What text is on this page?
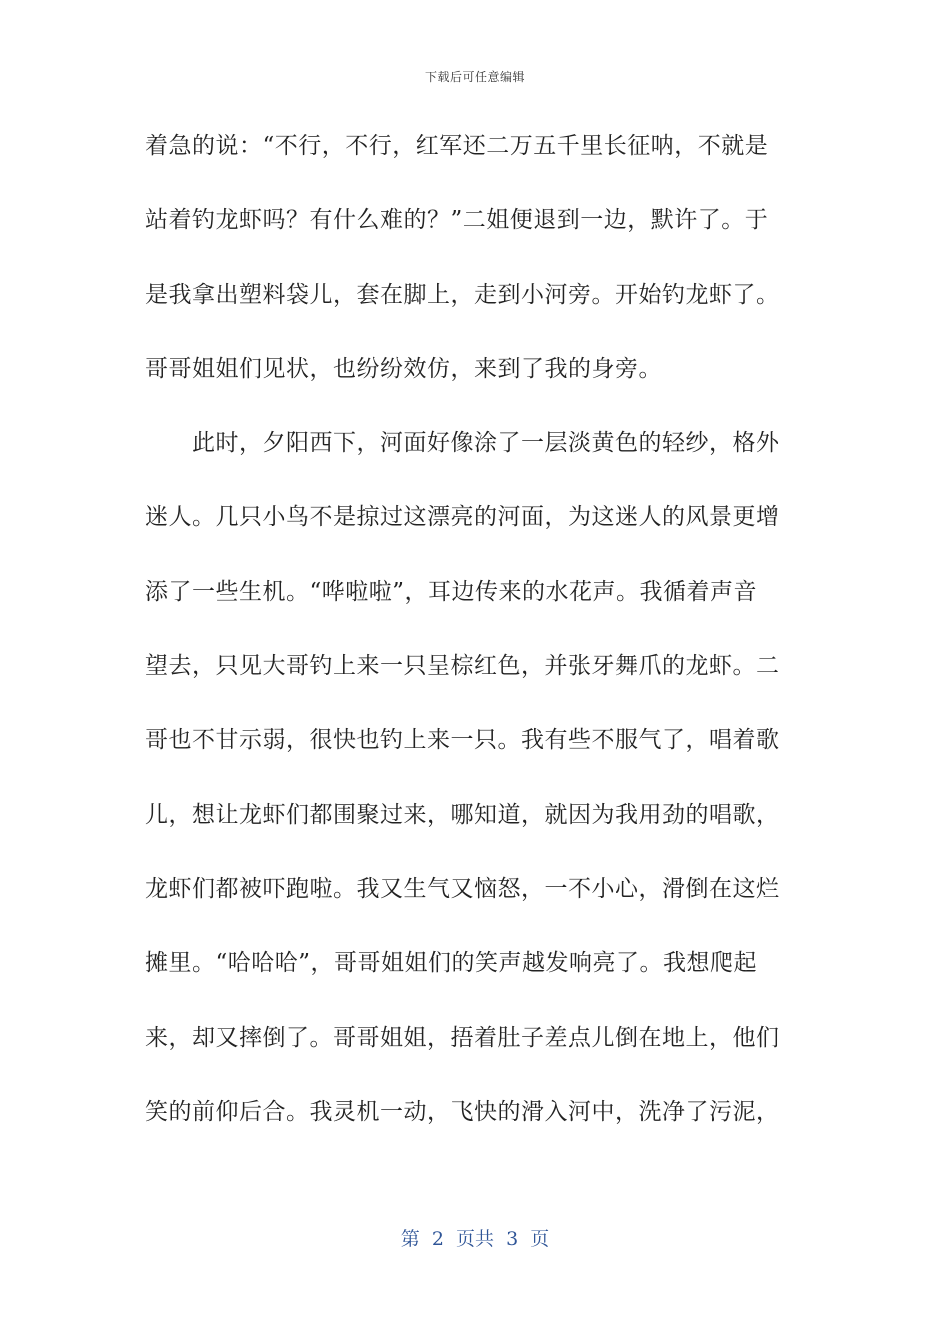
下载后可任意编辑
着急的说：“不行，不行，红军还二万五千里长征呐，不就是
站着钓龙虾吗？有什么难的？”二姐便退到一边，默许了。于
是我拿出塑料袋儿，套在脚上，走到小河旁。开始钓龙虾了。
哥哥姐姐们见状，也纷纷效仿，来到了我的身旁。
此时，夕阳西下，河面好像涂了一层淡黄色的轻纱，格外
迷人。几只小鸟不是掠过这漂亮的河面，为这迷人的风景更增
添了一些生机。“哗啦啦”，耳边传来的水花声。我循着声音
望去，只见大哥钓上来一只呈棕红色，并张牙舞爪的龙虾。二
哥也不甘示弱，很快也钓上来一只。我有些不服气了，唱着歌
儿，想让龙虾们都围聚过来，哪知道，就因为我用劲的唱歌，
龙虾们都被吓跑啦。我又生气又恼怒，一不小心，滑倒在这烂
摊里。“哈哈哈”，哥哥姐姐们的笑声越发响亮了。我想爬起
来，却又摔倒了。哥哥姐姐，捂着肚子差点儿倒在地上，他们
笑的前仰后合。我灵机一动，飞快的滑入河中，洗净了污泥，
第  2  页共  3  页
